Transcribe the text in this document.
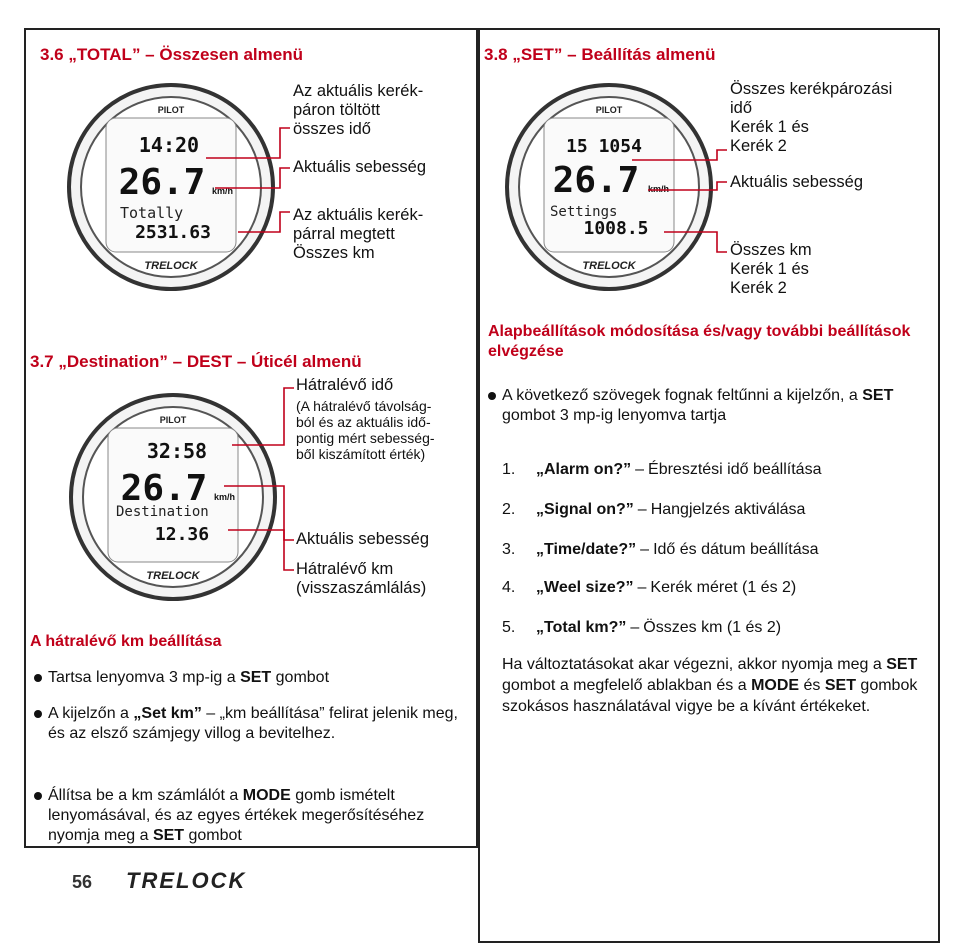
3.6 „TOTAL” – Összesen almenü
PILOT
14:20
26.7 km/h
Totally
2531.63
TRELOCK

Az aktuális kerék-
páron töltött
összes idő

Aktuális sebesség

Az aktuális kerék-
párral megtett
Összes km

3.7 „Destination” – DEST – Úticél almenü
PILOT
32:58
26.7 km/h
Destination
12.36
TRELOCK

Hátralévő idő

(A hátralévő távolság-
ból és az aktuális idő-
pontig mért sebesség-
ből kiszámított érték)

Aktuális sebesség

Hátralévő km
(visszaszámlálás)

A hátralévő km beállítása

Tartsa lenyomva 3 mp-ig a SET gombot

A kijelzőn a „Set km” – „km beállítása” felirat jelenik meg, és az elsző számjegy villog a bevitelhez.

Állítsa be a km számlálót a MODE gomb ismételt lenyomásával, és az egyes értékek megerősítéséhez nyomja meg a SET gombot

56 TRELOCK

3.8 „SET” – Beállítás almenü
PILOT
15 1054
26.7 km/h
Settings
1008.5
TRELOCK

Összes kerékpározási
idő
Kerék 1 és
Kerék 2

Aktuális sebesség

Összes km
Kerék 1 és
Kerék 2

Alapbeállítások módosítása és/vagy további beállítások elvégzése

A következő szövegek fognak feltűnni a kijelzőn, a SET gombot 3 mp-ig lenyomva tartja

1. „Alarm on?” – Ébresztési idő beállítása

2. „Signal on?” – Hangjelzés aktiválása

3. „Time/date?” – Idő és dátum beállítása

4. „Weel size?” – Kerék méret (1 és 2)

5. „Total km?” – Összes km (1 és 2)

Ha változtatásokat akar végezni, akkor nyomja meg a SET gombot a megfelelő ablakban és a MODE és SET gombok szokásos használatával vigye be a kívánt értékeket.
